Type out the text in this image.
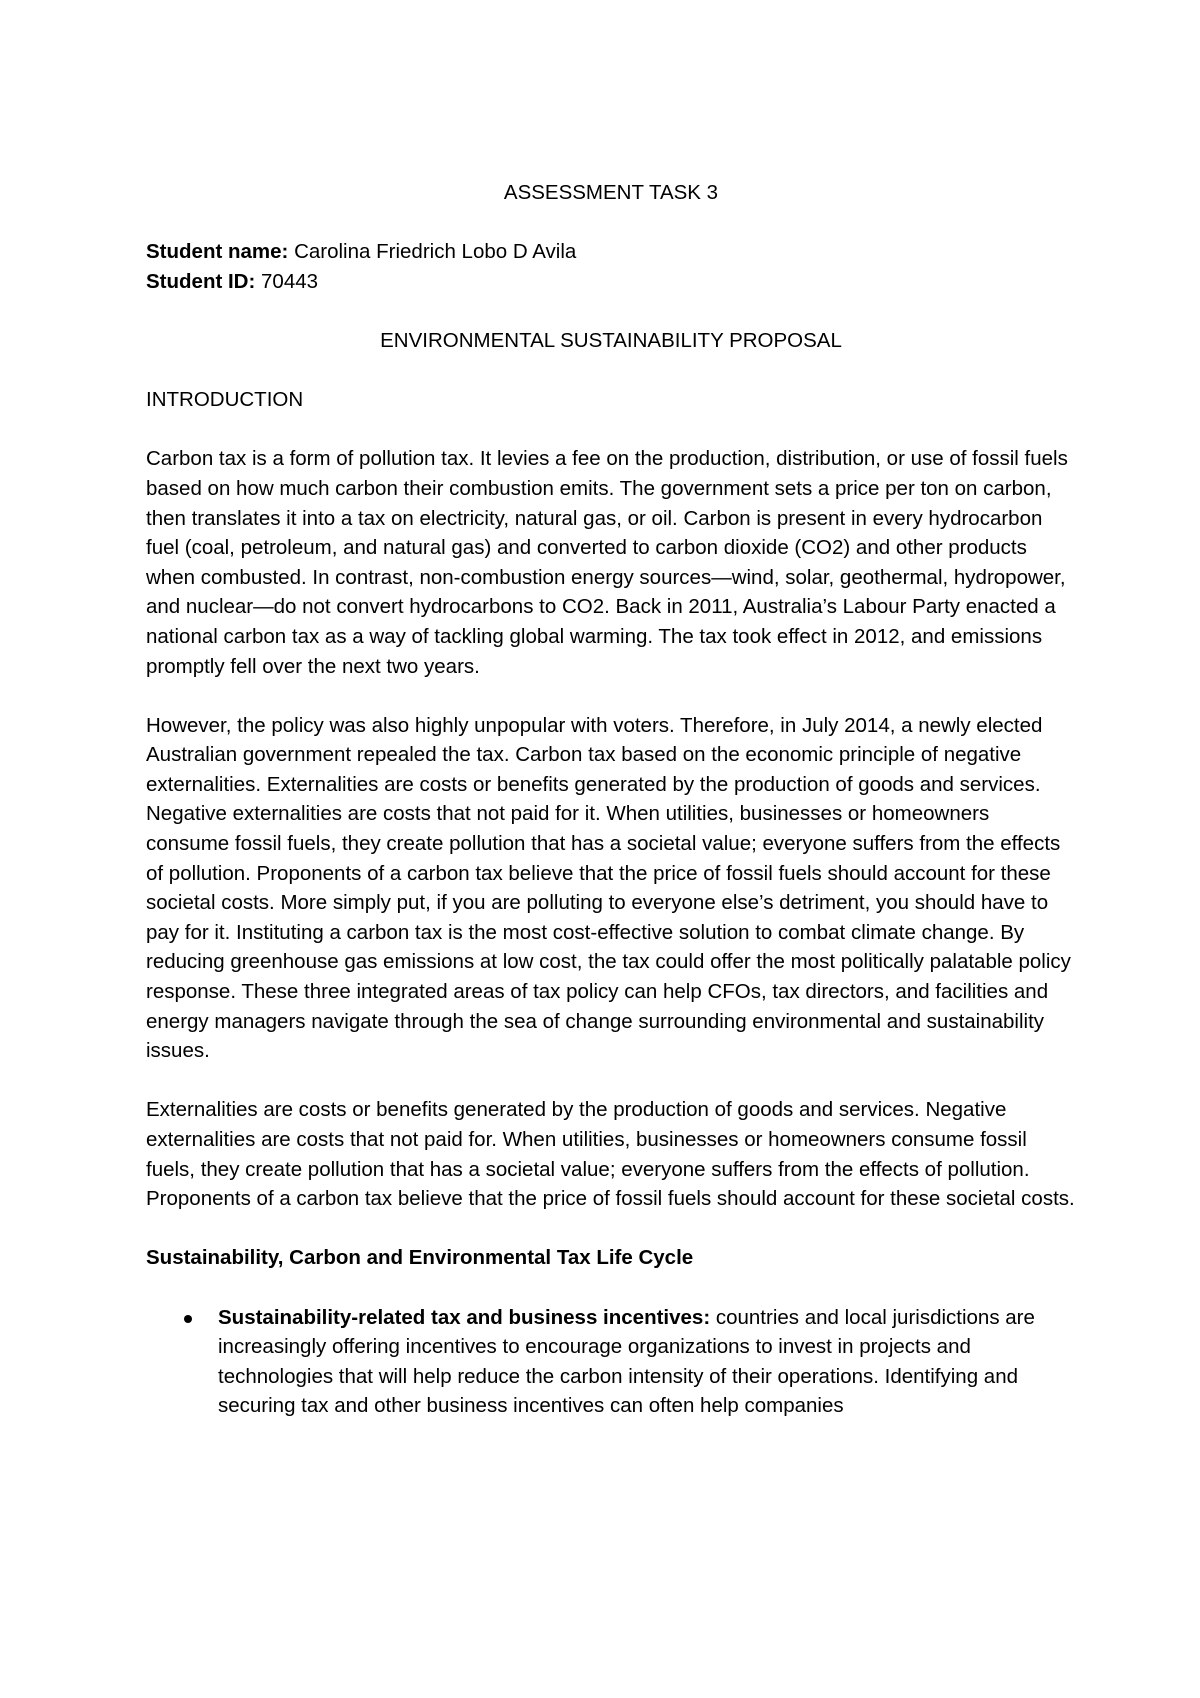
ASSESSMENT TASK 3
Student name: Carolina Friedrich Lobo D Avila
Student ID: 70443
ENVIRONMENTAL SUSTAINABILITY PROPOSAL
INTRODUCTION

Carbon tax is a form of pollution tax. It levies a fee on the production, distribution, or use of fossil fuels based on how much carbon their combustion emits. The government sets a price per ton on carbon, then translates it into a tax on electricity, natural gas, or oil. Carbon is present in every hydrocarbon fuel (coal, petroleum, and natural gas) and converted to carbon dioxide (CO2) and other products when combusted. In contrast, non-combustion energy sources—wind, solar, geothermal, hydropower, and nuclear—do not convert hydrocarbons to CO2. Back in 2011, Australia’s Labour Party enacted a national carbon tax as a way of tackling global warming. The tax took effect in 2012, and emissions promptly fell over the next two years.

However, the policy was also highly unpopular with voters. Therefore, in July 2014, a newly elected Australian government repealed the tax. Carbon tax based on the economic principle of negative externalities. Externalities are costs or benefits generated by the production of goods and services. Negative externalities are costs that not paid for it. When utilities, businesses or homeowners consume fossil fuels, they create pollution that has a societal value; everyone suffers from the effects of pollution. Proponents of a carbon tax believe that the price of fossil fuels should account for these societal costs. More simply put, if you are polluting to everyone else’s detriment, you should have to pay for it. Instituting a carbon tax is the most cost-effective solution to combat climate change. By reducing greenhouse gas emissions at low cost, the tax could offer the most politically palatable policy response. These three integrated areas of tax policy can help CFOs, tax directors, and facilities and energy managers navigate through the sea of change surrounding environmental and sustainability issues.

Externalities are costs or benefits generated by the production of goods and services. Negative externalities are costs that not paid for. When utilities, businesses or homeowners consume fossil fuels, they create pollution that has a societal value; everyone suffers from the effects of pollution. Proponents of a carbon tax believe that the price of fossil fuels should account for these societal costs.

Sustainability, Carbon and Environmental Tax Life Cycle
Sustainability-related tax and business incentives: countries and local jurisdictions are increasingly offering incentives to encourage organizations to invest in projects and technologies that will help reduce the carbon intensity of their operations. Identifying and securing tax and other business incentives can often help companies
